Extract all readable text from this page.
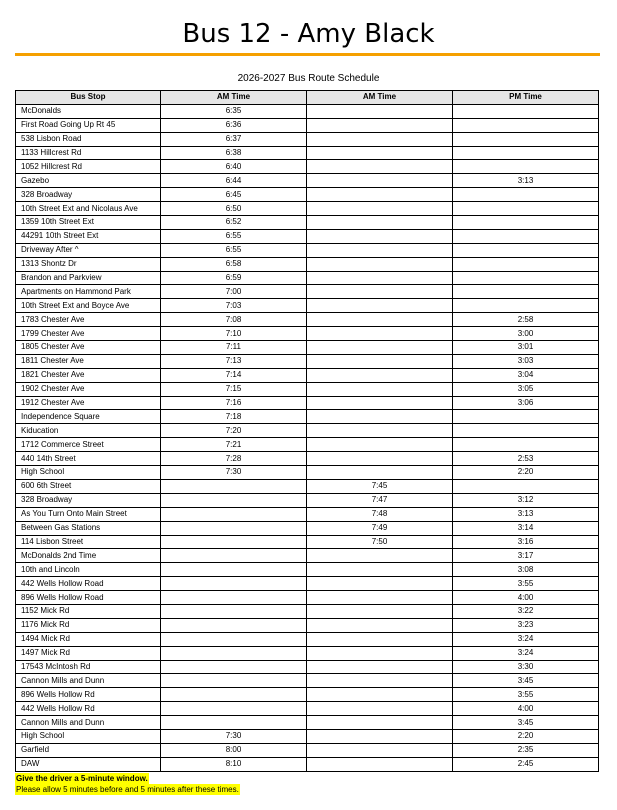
Bus 12 - Amy Black
2026-2027 Bus Route Schedule
Bus Stop	AM Time	AM Time	PM Time
McDonalds	6:35		
First Road Going Up Rt 45	6:36		
538 Lisbon Road	6:37		
1133 Hillcrest Rd	6:38		
1052 Hillcrest Rd	6:40		
Gazebo	6:44		3:13
328 Broadway	6:45		
10th Street Ext and Nicolaus Ave	6:50		
1359 10th Street Ext	6:52		
44291 10th Street Ext	6:55		
Driveway After ^	6:55		
1313 Shontz Dr	6:58		
Brandon and Parkview	6:59		
Apartments on Hammond Park	7:00		
10th Street Ext and Boyce Ave	7:03		
1783 Chester Ave	7:08		2:58
1799 Chester Ave	7:10		3:00
1805 Chester Ave	7:11		3:01
1811 Chester Ave	7:13		3:03
1821 Chester Ave	7:14		3:04
1902 Chester Ave	7:15		3:05
1912 Chester Ave	7:16		3:06
Independence Square	7:18		
Kiducation	7:20		
1712 Commerce Street	7:21		
440 14th Street	7:28		2:53
High School	7:30		2:20
600 6th Street		7:45	
328 Broadway		7:47	3:12
As You Turn Onto Main Street		7:48	3:13
Between Gas Stations		7:49	3:14
114 Lisbon Street		7:50	3:16
McDonalds 2nd Time			3:17
10th and Lincoln			3:08
442 Wells Hollow Road			3:55
896 Wells Hollow Road			4:00
1152 Mick Rd			3:22
1176 Mick Rd			3:23
1494 Mick Rd			3:24
1497 Mick Rd			3:24
17543 McIntosh Rd			3:30
Cannon Mills and Dunn			3:45
896 Wells Hollow Rd			3:55
442 Wells Hollow Rd			4:00
Cannon Mills and Dunn			3:45
High School	7:30		2:20
Garfield	8:00		2:35
DAW	8:10		2:45
Give the driver a 5-minute window.
Please allow 5 minutes before and 5 minutes after these times.
